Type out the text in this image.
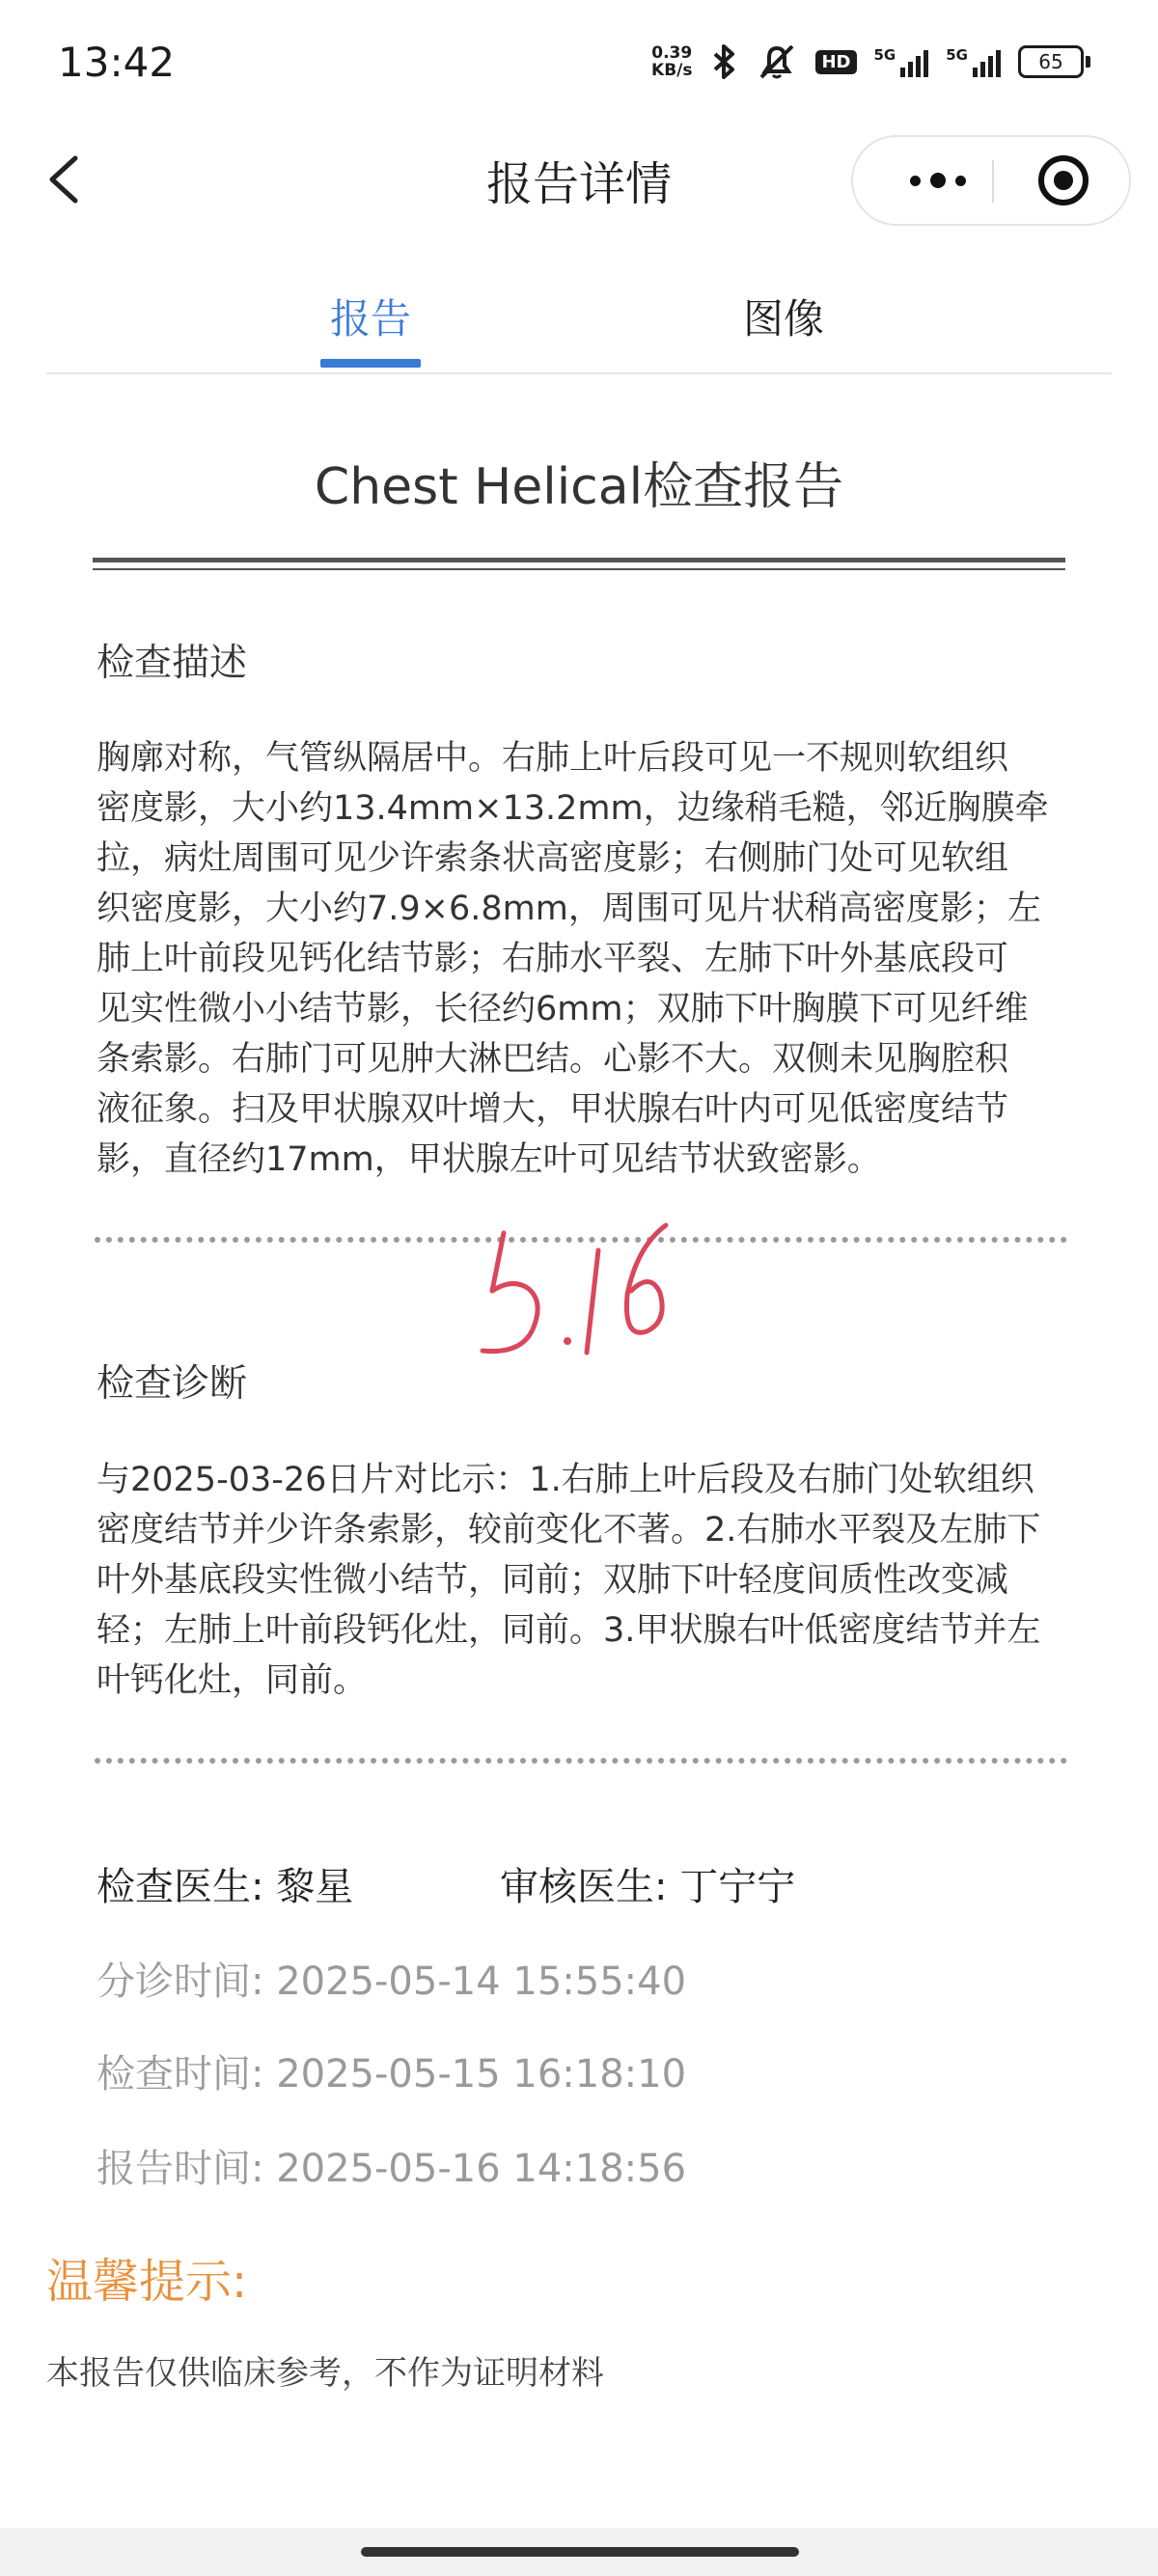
13:42	0.39
KB/s	HD	5G	5G	65
报告详情
报告	图像
Chest Helical检查报告
检查描述
胸廓对称，气管纵隔居中。右肺上叶后段可见一不规则软组织
密度影，大小约13.4mm×13.2mm，边缘稍毛糙，邻近胸膜牵
拉，病灶周围可见少许索条状高密度影；右侧肺门处可见软组
织密度影，大小约7.9×6.8mm，周围可见片状稍高密度影；左
肺上叶前段见钙化结节影；右肺水平裂、左肺下叶外基底段可
见实性微小小结节影，长径约6mm；双肺下叶胸膜下可见纤维
条索影。右肺门可见肿大淋巴结。心影不大。双侧未见胸腔积
液征象。扫及甲状腺双叶增大，甲状腺右叶内可见低密度结节
影，直径约17mm，甲状腺左叶可见结节状致密影。
检查诊断
与2025-03-26日片对比示：1.右肺上叶后段及右肺门处软组织
密度结节并少许条索影，较前变化不著。2.右肺水平裂及左肺下
叶外基底段实性微小结节，同前；双肺下叶轻度间质性改变减
轻；左肺上叶前段钙化灶，同前。3.甲状腺右叶低密度结节并左
叶钙化灶，同前。
检查医生: 黎星	审核医生: 丁宁宁
分诊时间: 2025-05-14 15:55:40
检查时间: 2025-05-15 16:18:10
报告时间: 2025-05-16 14:18:56
温馨提示:
本报告仅供临床参考，不作为证明材料
